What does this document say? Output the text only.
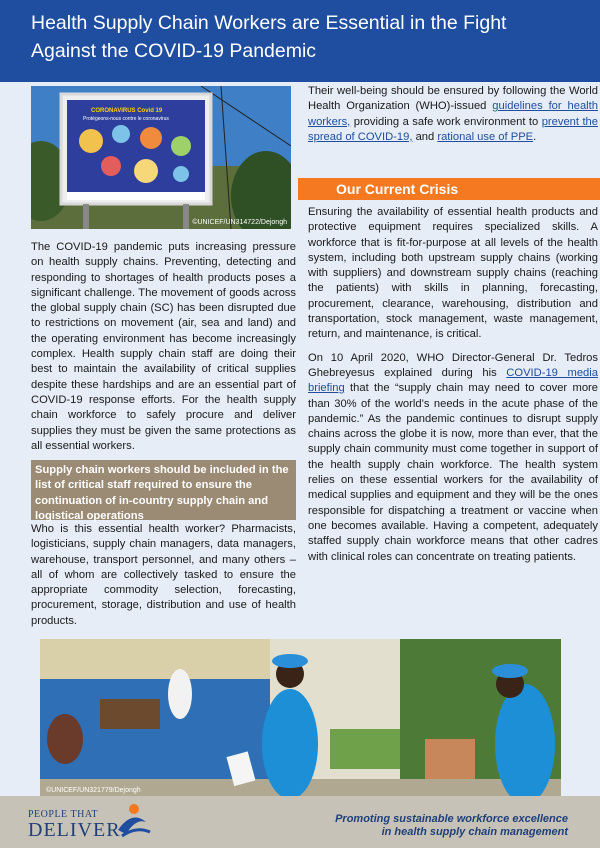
Health Supply Chain Workers are Essential in the Fight Against the COVID-19 Pandemic
CORONAVIRUS Covid 19
Protégeons-nous contre le coronavirus
©UNICEF/UN314722/Dejongh

The COVID-19 pandemic puts increasing pressure on health supply chains. Preventing, detecting and responding to shortages of health products poses a significant challenge. The movement of goods across the global supply chain (SC) has been disrupted due to restrictions on movement (air, sea and land) and the operating environment has become increasingly complex. Health supply chain staff are doing their best to maintain the availability of critical supplies despite these hardships and are an essential part of COVID-19 response efforts. For the health supply chain workforce to safely procure and deliver supplies they must be given the same protections as all essential workers.

Supply chain workers should be included in the list of critical staff required to ensure the continuation of in-country supply chain and logistical operations

Who is this essential health worker? Pharmacists, logisticians, supply chain managers, data managers, warehouse, transport personnel, and many others – all of whom are collectively tasked to ensure the appropriate commodity selection, forecasting, procurement, storage, distribution and use of health products.

Their well-being should be ensured by following the World Health Organization (WHO)-issued guidelines for health workers, providing a safe work environment to prevent the spread of COVID-19, and rational use of PPE.

Our Current Crisis

Ensuring the availability of essential health products and protective equipment requires specialized skills. A workforce that is fit-for-purpose at all levels of the health system, including both upstream supply chains (working with suppliers) and downstream supply chains (reaching the patients) with skills in planning, forecasting, procurement, clearance, warehousing, distribution and transportation, stock management, waste management, return, and maintenance, is critical.

On 10 April 2020, WHO Director-General Dr. Tedros Ghebreyesus explained during his COVID-19 media briefing that the “supply chain may need to cover more than 30% of the world’s needs in the acute phase of the pandemic.” As the pandemic continues to disrupt supply chains across the globe it is now, more than ever, that the supply chain community must come together in support of the health supply chain workforce. The health system relies on these essential workers for the availability of medical supplies and equipment and they will be the ones responsible for dispatching a treatment or vaccine when one becomes available. Having a competent, adequately staffed supply chain workforce means that other cadres with clinical roles can concentrate on treating patients.

©UNICEF/UN321779/Dejongh
PEOPLE THAT
DELIVER	Promoting sustainable workforce excellence
in health supply chain management
